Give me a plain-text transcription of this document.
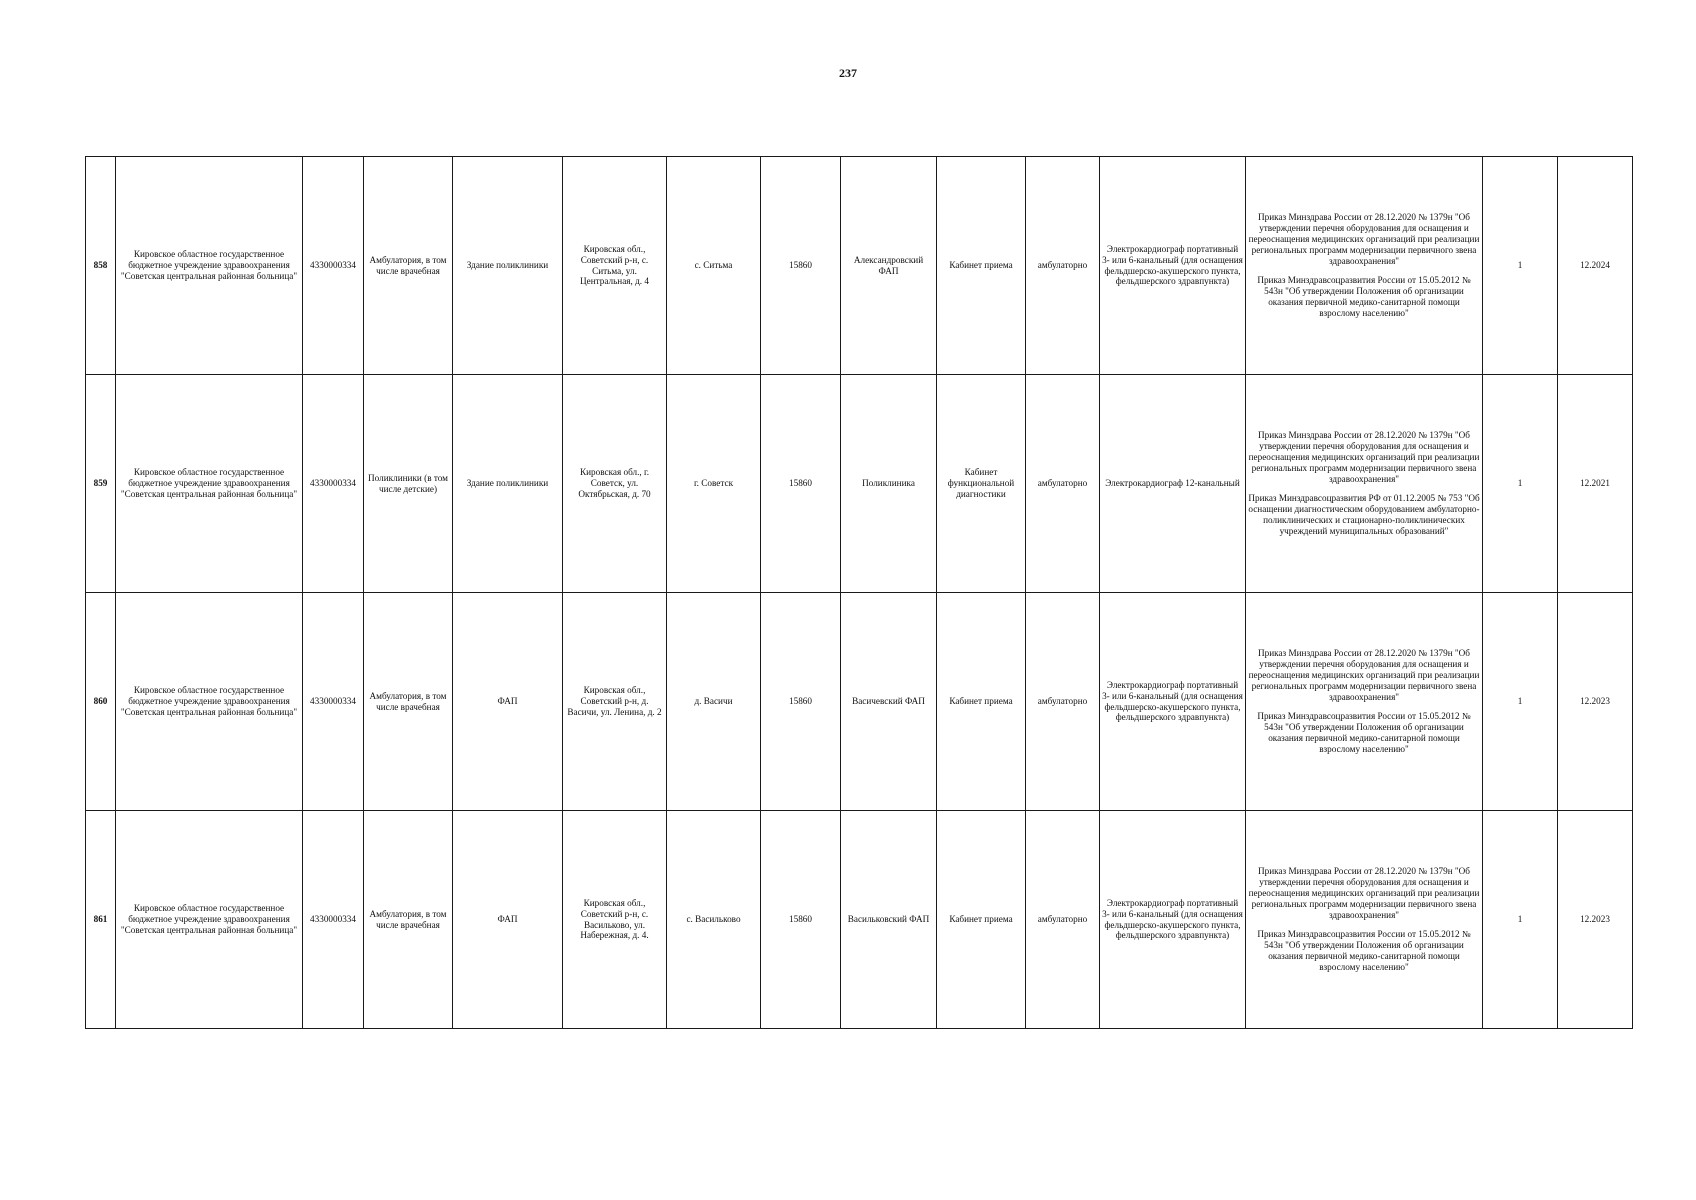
237
858	Кировское областное государственное бюджетное учреждение здравоохранения "Советская центральная районная больница"	4330000334	Амбулатория, в том числе врачебная	Здание поликлиники	Кировская обл., Советский р-н, с. Ситьма, ул. Центральная, д. 4	с. Ситьма	15860	Александровский ФАП	Кабинет приема	амбулаторно	Электрокардиограф портативный 3- или 6-канальный (для оснащения фельдшерско-акушерского пункта, фельдшерского здравпункта)	Приказ Минздрава России от 28.12.2020 № 1379н "Об утверждении перечня оборудования для оснащения и переоснащения медицинских организаций при реализации региональных программ модернизации первичного звена здравоохранения"
Приказ Минздравсоцразвития России от 15.05.2012 № 543н "Об утверждении Положения об организации оказания первичной медико-санитарной помощи взрослому населению"	1	12.2024
859	Кировское областное государственное бюджетное учреждение здравоохранения "Советская центральная районная больница"	4330000334	Поликлиники (в том числе детские)	Здание поликлиники	Кировская обл., г. Советск, ул. Октябрьская, д. 70	г. Советск	15860	Поликлиника	Кабинет функциональной диагностики	амбулаторно	Электрокардиограф 12-канальный	Приказ Минздрава России от 28.12.2020 № 1379н "Об утверждении перечня оборудования для оснащения и переоснащения медицинских организаций при реализации региональных программ модернизации первичного звена здравоохранения"
Приказ Минздравсоцразвития РФ от 01.12.2005 № 753 "Об оснащении диагностическим оборудованием амбулаторно-поликлинических и стационарно-поликлинических учреждений муниципальных образований"	1	12.2021
860	Кировское областное государственное бюджетное учреждение здравоохранения "Советская центральная районная больница"	4330000334	Амбулатория, в том числе врачебная	ФАП	Кировская обл., Советский р-н, д. Васичи, ул. Ленина, д. 2	д. Васичи	15860	Васичевский ФАП	Кабинет приема	амбулаторно	Электрокардиограф портативный 3- или 6-канальный (для оснащения фельдшерско-акушерского пункта, фельдшерского здравпункта)	Приказ Минздрава России от 28.12.2020 № 1379н "Об утверждении перечня оборудования для оснащения и переоснащения медицинских организаций при реализации региональных программ модернизации первичного звена здравоохранения"
Приказ Минздравсоцразвития России от 15.05.2012 № 543н "Об утверждении Положения об организации оказания первичной медико-санитарной помощи взрослому населению"	1	12.2023
861	Кировское областное государственное бюджетное учреждение здравоохранения "Советская центральная районная больница"	4330000334	Амбулатория, в том числе врачебная	ФАП	Кировская обл., Советский р-н, с. Васильково, ул. Набережная, д. 4.	с. Васильково	15860	Васильковский ФАП	Кабинет приема	амбулаторно	Электрокардиограф портативный 3- или 6-канальный (для оснащения фельдшерско-акушерского пункта, фельдшерского здравпункта)	Приказ Минздрава России от 28.12.2020 № 1379н "Об утверждении перечня оборудования для оснащения и переоснащения медицинских организаций при реализации региональных программ модернизации первичного звена здравоохранения"
Приказ Минздравсоцразвития России от 15.05.2012 № 543н "Об утверждении Положения об организации оказания первичной медико-санитарной помощи взрослому населению"	1	12.2023
